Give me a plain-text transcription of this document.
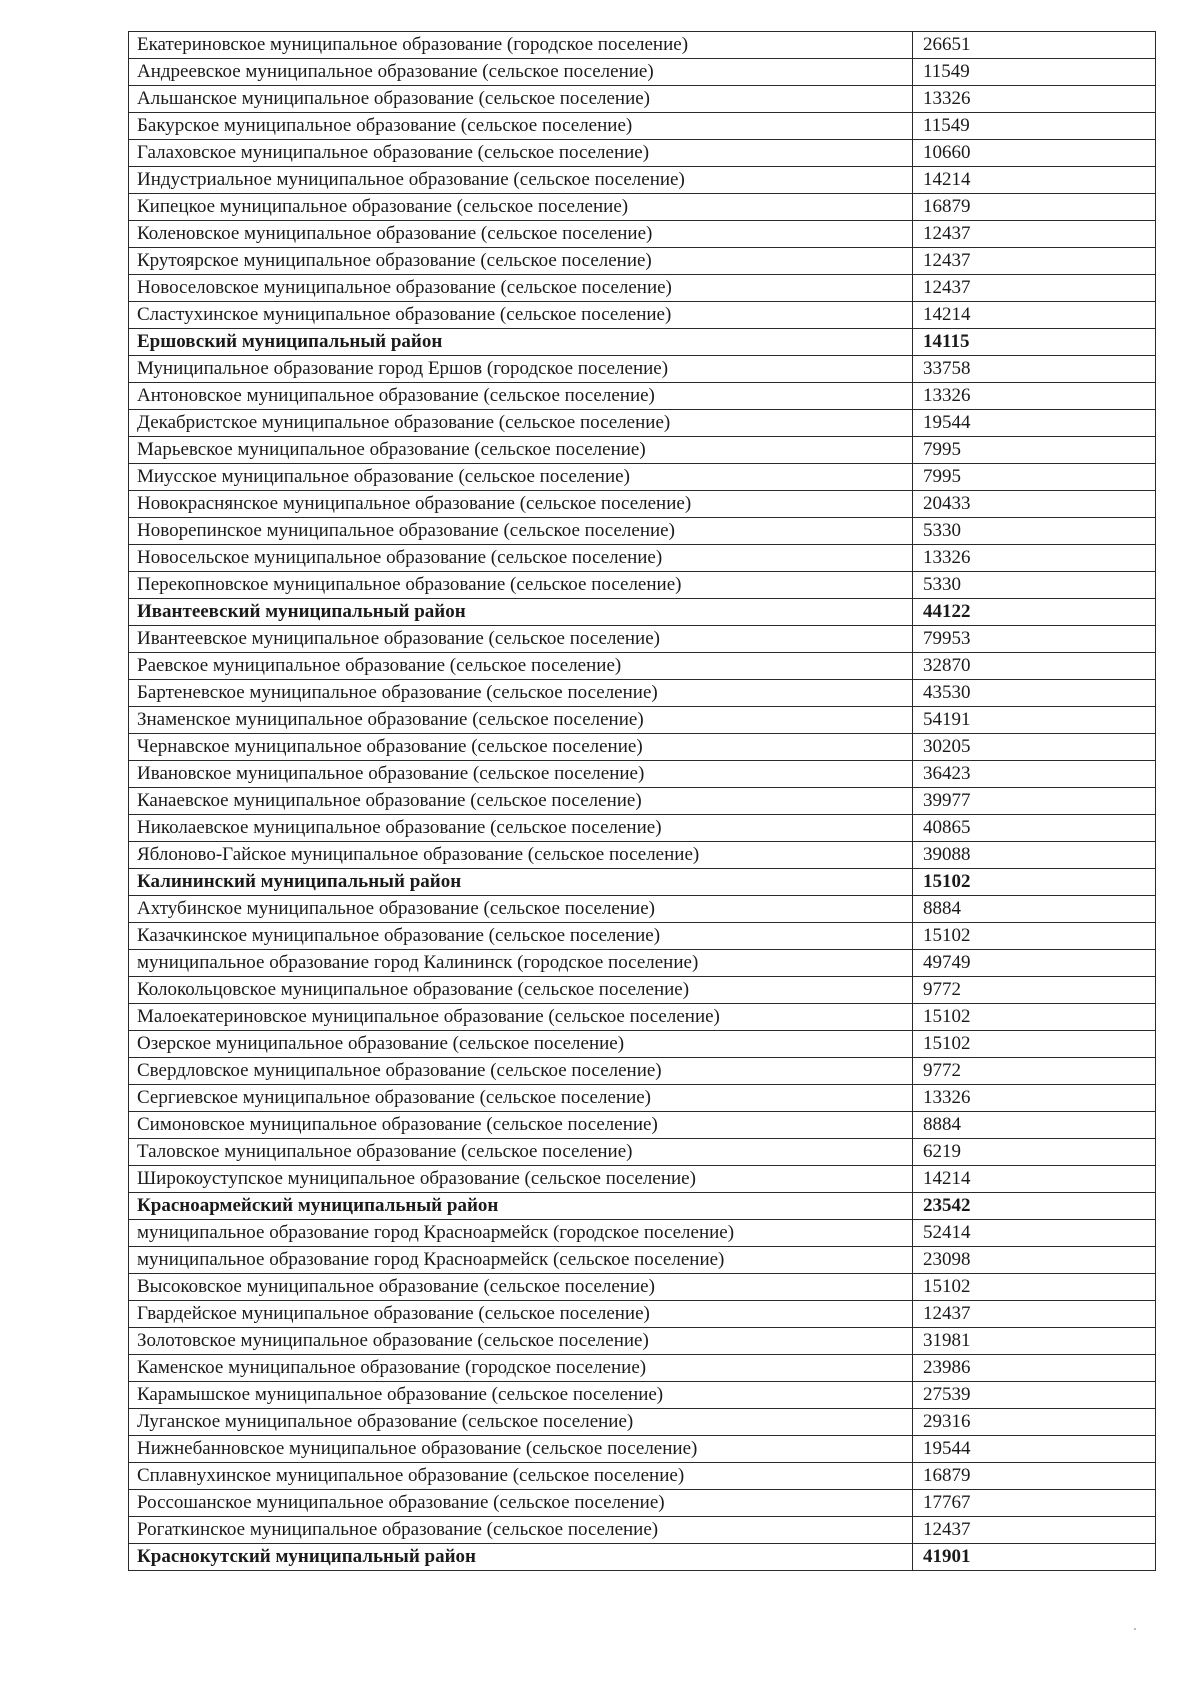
Екатериновское муниципальное образование (городское поселение)	26651
Андреевское муниципальное образование (сельское поселение)	11549
Альшанское муниципальное образование (сельское поселение)	13326
Бакурское муниципальное образование (сельское поселение)	11549
Галаховское муниципальное образование (сельское поселение)	10660
Индустриальное муниципальное образование (сельское поселение)	14214
Кипецкое муниципальное образование (сельское поселение)	16879
Коленовское муниципальное образование (сельское поселение)	12437
Крутоярское муниципальное образование (сельское поселение)	12437
Новоселовское муниципальное образование (сельское поселение)	12437
Сластухинское муниципальное образование (сельское поселение)	14214
Ершовский муниципальный район	14115
Муниципальное образование город Ершов (городское поселение)	33758
Антоновское муниципальное образование (сельское поселение)	13326
Декабристское муниципальное образование (сельское поселение)	19544
Марьевское муниципальное образование (сельское поселение)	7995
Миусское муниципальное образование (сельское поселение)	7995
Новокраснянское муниципальное образование (сельское поселение)	20433
Новорепинское муниципальное образование (сельское поселение)	5330
Новосельское муниципальное образование (сельское поселение)	13326
Перекопновское муниципальное образование (сельское поселение)	5330
Ивантеевский муниципальный район	44122
Ивантеевское муниципальное образование (сельское поселение)	79953
Раевское муниципальное образование (сельское поселение)	32870
Бартеневское муниципальное образование (сельское поселение)	43530
Знаменское муниципальное образование (сельское поселение)	54191
Чернавское муниципальное образование (сельское поселение)	30205
Ивановское муниципальное образование (сельское поселение)	36423
Канаевское муниципальное образование (сельское поселение)	39977
Николаевское муниципальное образование (сельское поселение)	40865
Яблоново-Гайское муниципальное образование (сельское поселение)	39088
Калининский муниципальный район	15102
Ахтубинское муниципальное образование (сельское поселение)	8884
Казачкинское муниципальное образование (сельское поселение)	15102
муниципальное образование город Калининск (городское поселение)	49749
Колокольцовское муниципальное образование (сельское поселение)	9772
Малоекатериновское муниципальное образование (сельское поселение)	15102
Озерское муниципальное образование (сельское поселение)	15102
Свердловское муниципальное образование (сельское поселение)	9772
Сергиевское муниципальное образование (сельское поселение)	13326
Симоновское муниципальное образование (сельское поселение)	8884
Таловское муниципальное образование (сельское поселение)	6219
Широкоуступское муниципальное образование (сельское поселение)	14214
Красноармейский муниципальный район	23542
муниципальное образование город Красноармейск (городское поселение)	52414
муниципальное образование город Красноармейск (сельское поселение)	23098
Высоковское муниципальное образование (сельское поселение)	15102
Гвардейское муниципальное образование (сельское поселение)	12437
Золотовское муниципальное образование (сельское поселение)	31981
Каменское муниципальное образование (городское поселение)	23986
Карамышское муниципальное образование (сельское поселение)	27539
Луганское муниципальное образование (сельское поселение)	29316
Нижнебанновское муниципальное образование (сельское поселение)	19544
Сплавнухинское муниципальное образование (сельское поселение)	16879
Россошанское муниципальное образование (сельское поселение)	17767
Рогаткинское муниципальное образование (сельское поселение)	12437
Краснокутский муниципальный район	41901
